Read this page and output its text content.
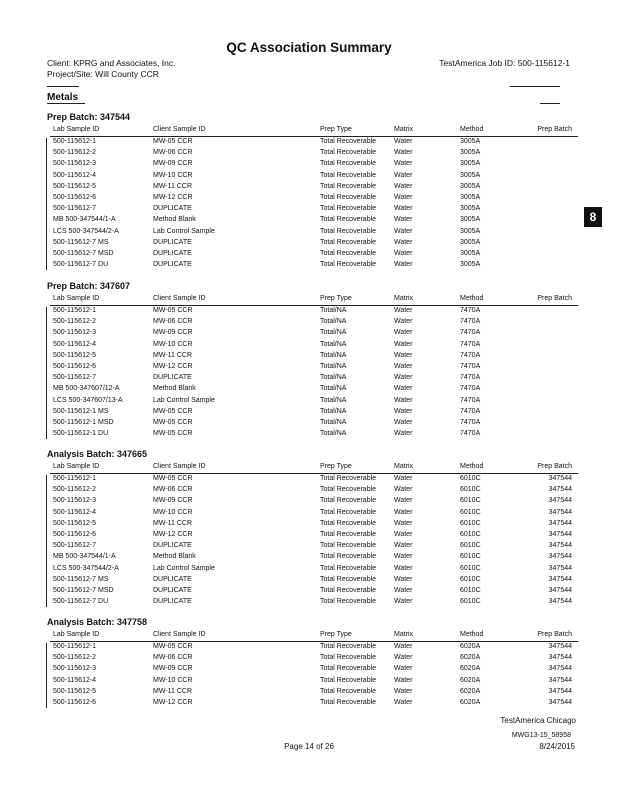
QC Association Summary
Client: KPRG and Associates, Inc.
Project/Site: Will County CCR
TestAmerica Job ID: 500-115612-1
Metals
8
Prep Batch: 347544
Lab Sample ID	Client Sample ID	Prep Type	Matrix	Method	Prep Batch
500-115612-1	MW-05 CCR	Total Recoverable	Water	3005A
500-115612-2	MW-06 CCR	Total Recoverable	Water	3005A
500-115612-3	MW-09 CCR	Total Recoverable	Water	3005A
500-115612-4	MW-10 CCR	Total Recoverable	Water	3005A
500-115612-5	MW-11 CCR	Total Recoverable	Water	3005A
500-115612-6	MW-12 CCR	Total Recoverable	Water	3005A
500-115612-7	DUPLICATE	Total Recoverable	Water	3005A
MB 500-347544/1-A	Method Blank	Total Recoverable	Water	3005A
LCS 500-347544/2-A	Lab Control Sample	Total Recoverable	Water	3005A
500-115612-7 MS	DUPLICATE	Total Recoverable	Water	3005A
500-115612-7 MSD	DUPLICATE	Total Recoverable	Water	3005A
500-115612-7 DU	DUPLICATE	Total Recoverable	Water	3005A
Prep Batch: 347607
Lab Sample ID	Client Sample ID	Prep Type	Matrix	Method	Prep Batch
500-115612-1	MW-05 CCR	Total/NA	Water	7470A
500-115612-2	MW-06 CCR	Total/NA	Water	7470A
500-115612-3	MW-09 CCR	Total/NA	Water	7470A
500-115612-4	MW-10 CCR	Total/NA	Water	7470A
500-115612-5	MW-11 CCR	Total/NA	Water	7470A
500-115612-6	MW-12 CCR	Total/NA	Water	7470A
500-115612-7	DUPLICATE	Total/NA	Water	7470A
MB 500-347607/12-A	Method Blank	Total/NA	Water	7470A
LCS 500-347607/13-A	Lab Control Sample	Total/NA	Water	7470A
500-115612-1 MS	MW-05 CCR	Total/NA	Water	7470A
500-115612-1 MSD	MW-05 CCR	Total/NA	Water	7470A
500-115612-1 DU	MW-05 CCR	Total/NA	Water	7470A
Analysis Batch: 347665
Lab Sample ID	Client Sample ID	Prep Type	Matrix	Method	Prep Batch
500-115612-1	MW-05 CCR	Total Recoverable	Water	6010C	347544
500-115612-2	MW-06 CCR	Total Recoverable	Water	6010C	347544
500-115612-3	MW-09 CCR	Total Recoverable	Water	6010C	347544
500-115612-4	MW-10 CCR	Total Recoverable	Water	6010C	347544
500-115612-5	MW-11 CCR	Total Recoverable	Water	6010C	347544
500-115612-6	MW-12 CCR	Total Recoverable	Water	6010C	347544
500-115612-7	DUPLICATE	Total Recoverable	Water	6010C	347544
MB 500-347544/1-A	Method Blank	Total Recoverable	Water	6010C	347544
LCS 500-347544/2-A	Lab Control Sample	Total Recoverable	Water	6010C	347544
500-115612-7 MS	DUPLICATE	Total Recoverable	Water	6010C	347544
500-115612-7 MSD	DUPLICATE	Total Recoverable	Water	6010C	347544
500-115612-7 DU	DUPLICATE	Total Recoverable	Water	6010C	347544
Analysis Batch: 347758
Lab Sample ID	Client Sample ID	Prep Type	Matrix	Method	Prep Batch
500-115612-1	MW-05 CCR	Total Recoverable	Water	6020A	347544
500-115612-2	MW-06 CCR	Total Recoverable	Water	6020A	347544
500-115612-3	MW-09 CCR	Total Recoverable	Water	6020A	347544
500-115612-4	MW-10 CCR	Total Recoverable	Water	6020A	347544
500-115612-5	MW-11 CCR	Total Recoverable	Water	6020A	347544
500-115612-6	MW-12 CCR	Total Recoverable	Water	6020A	347544
TestAmerica Chicago
Page 14 of 26
MWG13-15_58958
8/24/2015
